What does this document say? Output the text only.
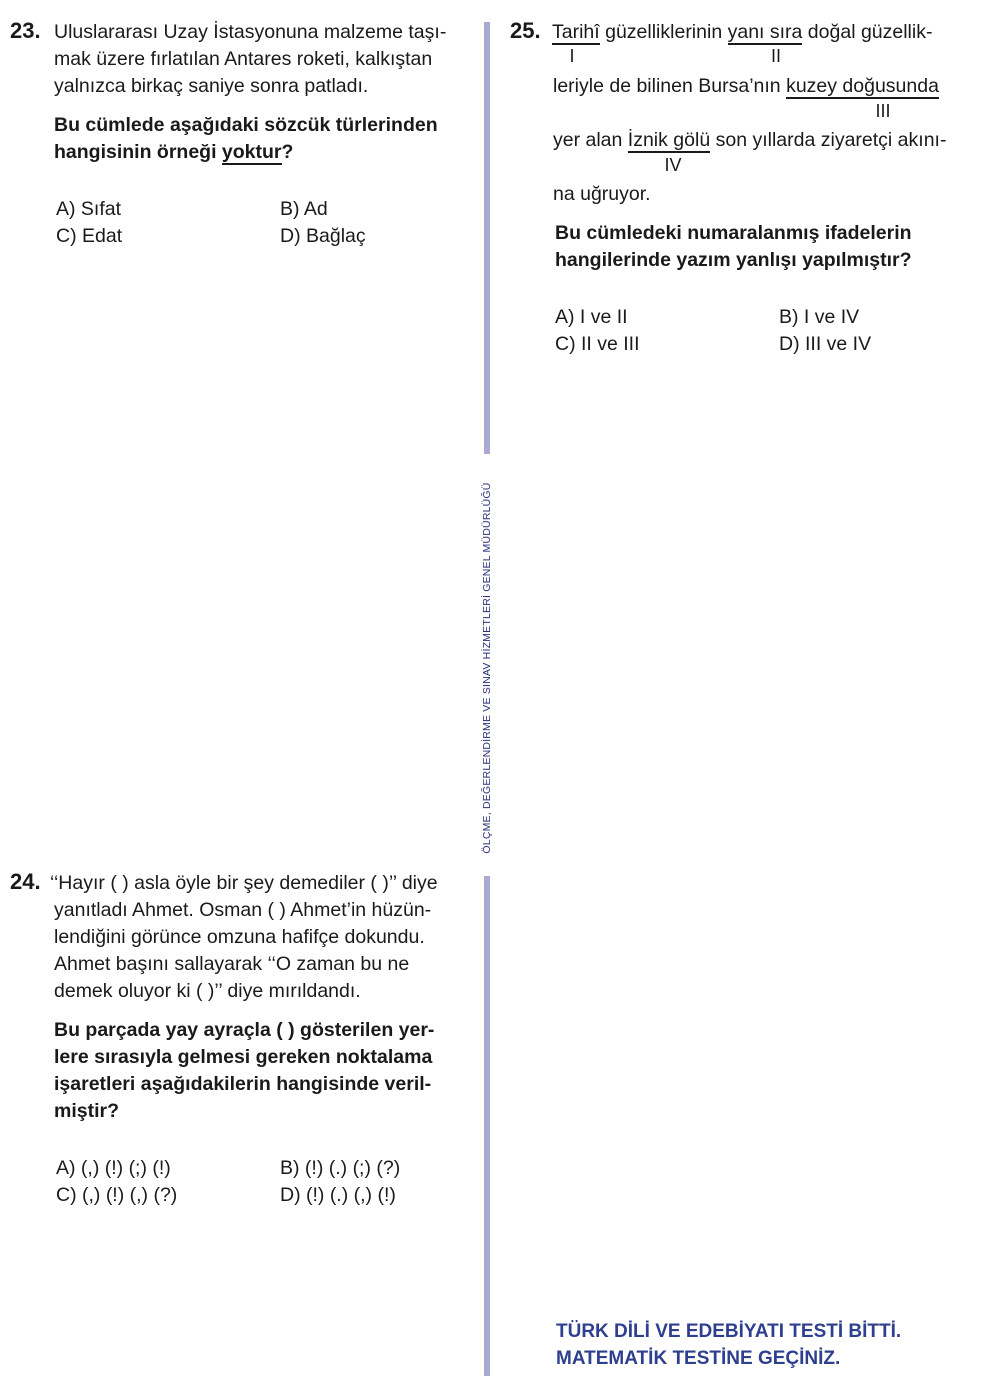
ÖLÇME, DEĞERLENDİRME VE SINAV HİZMETLERİ GENEL MÜDÜRLÜĞÜ
23. Uluslararası Uzay İstasyonuna malzeme taşı-
mak üzere fırlatılan Antares roketi, kalkıştan
yalnızca birkaç saniye sonra patladı.
Bu cümlede aşağıdaki sözcük türlerinden
hangisinin örneği yoktur?
A) Sıfat	B) Ad
C) Edat	D) Bağlaç
24. ‘‘Hayır ( ) asla öyle bir şey demediler ( )’’ diye
yanıtladı Ahmet. Osman ( ) Ahmet’in hüzün-
lendiğini görünce omzuna hafifçe dokundu.
Ahmet başını sallayarak ‘‘O zaman bu ne
demek oluyor ki ( )’’ diye mırıldandı.
Bu parçada yay ayraçla ( ) gösterilen yer-
lere sırasıyla gelmesi gereken noktalama
işaretleri aşağıdakilerin hangisinde veril-
miştir?
A) (,) (!) (;) (!)	B) (!) (.) (;) (?)
C) (,) (!) (,) (?)	D) (!) (.) (,) (!)
25. Tarihî güzelliklerinin yanı sıra doğal güzellik-
I	II
leriyle de bilinen Bursa’nın kuzey doğusunda
III
yer alan İznik gölü son yıllarda ziyaretçi akını-
IV
na uğruyor.
Bu cümledeki numaralanmış ifadelerin
hangilerinde yazım yanlışı yapılmıştır?
A) I ve II	B) I ve IV
C) II ve III	D) III ve IV
TÜRK DİLİ VE EDEBİYATI TESTİ BİTTİ.
MATEMATİK TESTİNE GEÇİNİZ.
